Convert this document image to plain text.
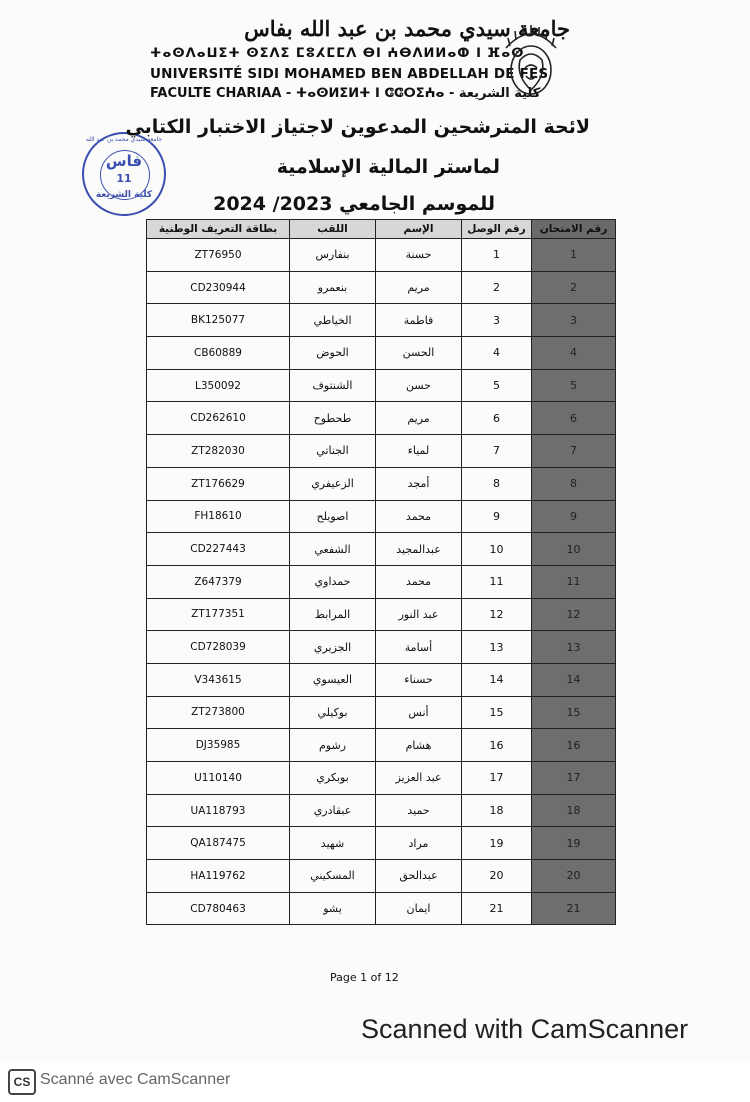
جامعة سيدي محمد بن عبد الله بفاس
ⵜⴰⵙⴷⴰⵡⵉⵜ ⵙⵉⴷⵉ ⵎⵓⵃⵎⵎⴷ ⴱⵏ ⵄⴱⴷⵍⵍⴰⵀ ⵏ ⴼⴰⵙ
UNIVERSITÉ SIDI MOHAMED BEN ABDELLAH DE FES
FACULTE CHARIAA - ⵜⴰⵙⵍⵉⵍⵜ ⵏ ⵛⵛⵔⵉⵄⴰ - كلية الشريعة
جامعة سيدي محمد بن عبد الله
فاس
11
كلية الشريعة
لائحة المترشحين المدعوين لاجتياز الاختبار الكتابي
لماستر المالية الإسلامية
للموسم الجامعي 2023/ 2024
رقم الامتحان	رقم الوصل	الإسم	اللقب	بطاقة التعريف الوطنية
1	1	حسنة	بنفارس	ZT76950
2	2	مريم	بنعمرو	CD230944
3	3	فاطمة	الخياطي	BK125077
4	4	الحسن	الحوض	CB60889
5	5	حسن	الشنتوف	L350092
6	6	مريم	طحطوح	CD262610
7	7	لمياء	الجناتي	ZT282030
8	8	أمجد	الزعيفري	ZT176629
9	9	محمد	اصويلح	FH18610
10	10	عبدالمجيد	الشفعي	CD227443
11	11	محمد	حمداوي	Z647379
12	12	عبد النور	المرابط	ZT177351
13	13	أسامة	الجزيري	CD728039
14	14	حسناء	العيسوي	V343615
15	15	أنس	بوكيلي	ZT273800
16	16	هشام	رشوم	DJ35985
17	17	عبد العزيز	بوبكري	U110140
18	18	حميد	عبقادري	UA118793
19	19	مراد	شهيد	QA187475
20	20	عبدالحق	المسكيني	HA119762
21	21	ايمان	يشو	CD780463
Page 1 of 12
Scanned with CamScanner
CS Scanné avec CamScanner
